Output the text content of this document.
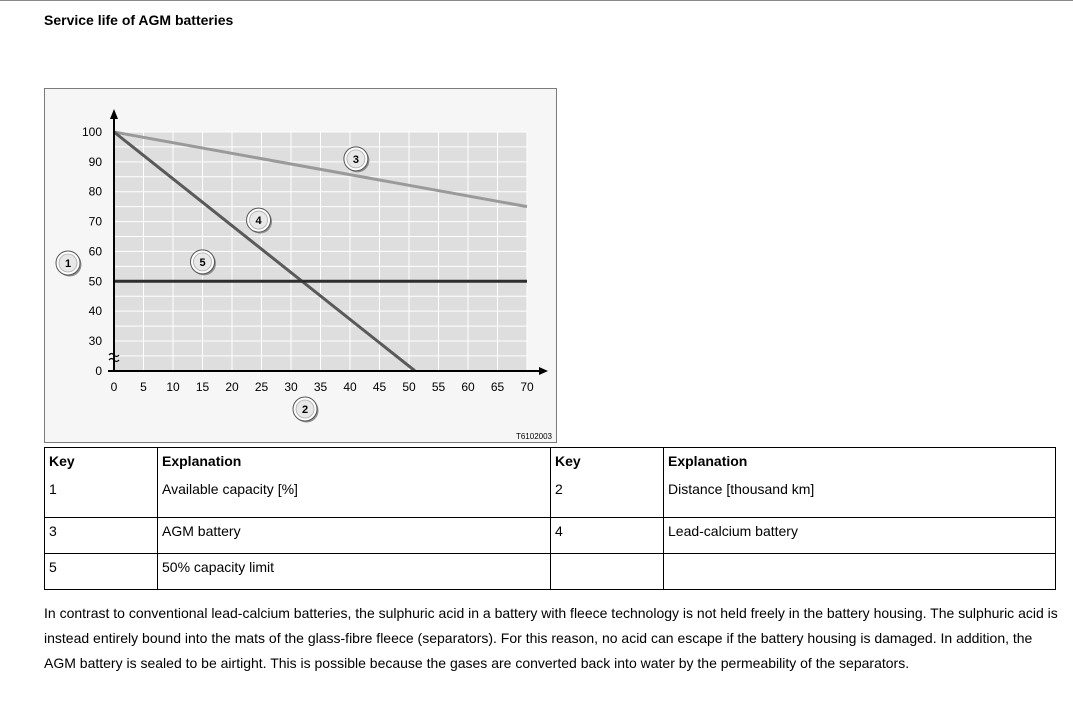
Service life of AGM batteries
0
30
40
50
60
70
80
90
100
0 5 10 15 20 25 30 35 40 45 50 55 60 65 70
1
2
3
4
5
T6102003
Key	Explanation	Key	Explanation
1	Available capacity [%]	2	Distance [thousand km]
3	AGM battery	4	Lead-calcium battery
5	50% capacity limit		
In contrast to conventional lead-calcium batteries, the sulphuric acid in a battery with fleece technology is not held freely in the battery housing. The sulphuric acid is instead entirely bound into the mats of the glass-fibre fleece (separators). For this reason, no acid can escape if the battery housing is damaged. In addition, the AGM battery is sealed to be airtight. This is possible because the gases are converted back into water by the permeability of the separators.
